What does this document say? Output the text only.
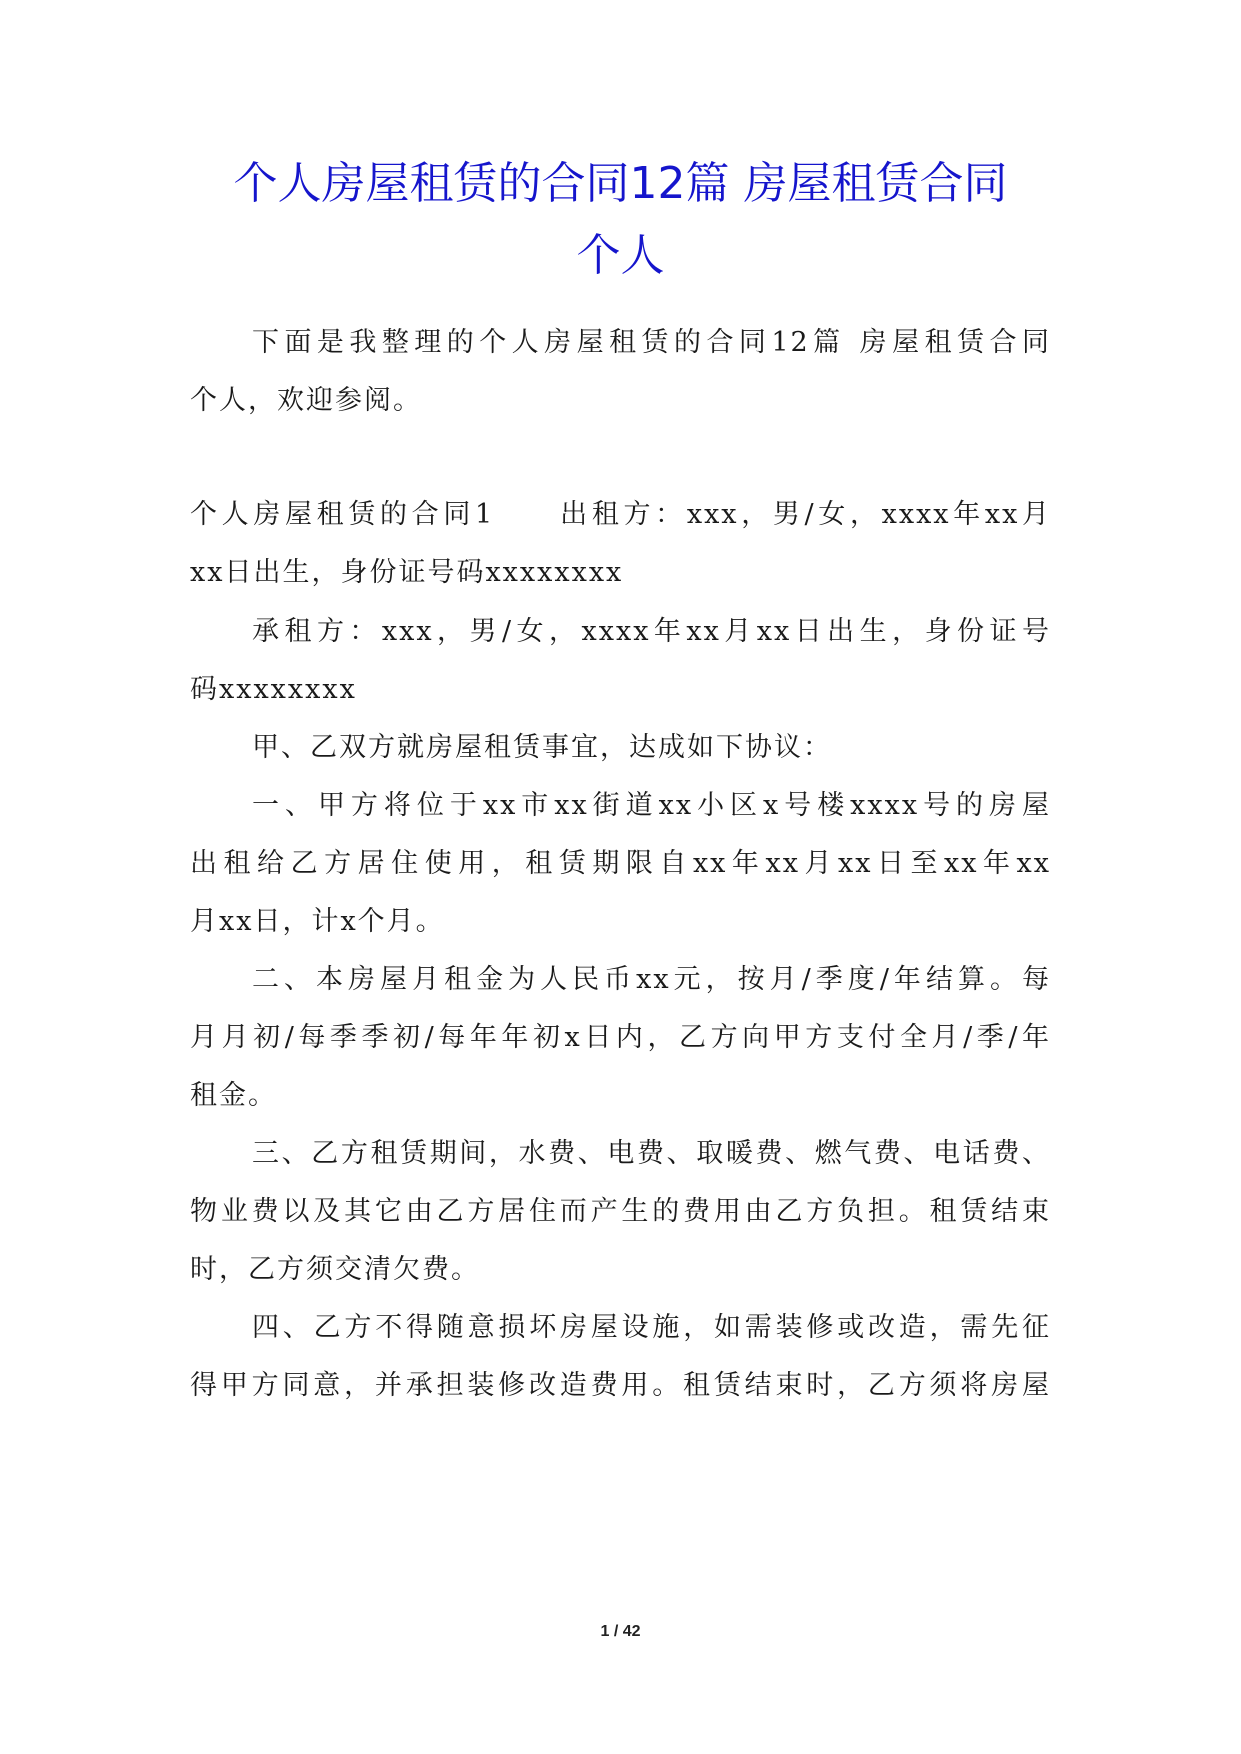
个人房屋租赁的合同12篇 房屋租赁合同
个人

下面是我整理的个人房屋租赁的合同12篇 房屋租赁合同

个人，欢迎参阅。

个人房屋租赁的合同1　　出租方：xxx，男/女，xxxx年xx月

xx日出生，身份证号码xxxxxxxx

承租方：xxx，男/女，xxxx年xx月xx日出生，身份证号

码xxxxxxxx

甲、乙双方就房屋租赁事宜，达成如下协议：

一、甲方将位于xx市xx街道xx小区x号楼xxxx号的房屋

出租给乙方居住使用，租赁期限自xx年xx月xx日至xx年xx

月xx日，计x个月。

二、本房屋月租金为人民币xx元，按月/季度/年结算。每

月月初/每季季初/每年年初x日内，乙方向甲方支付全月/季/年

租金。

三、乙方租赁期间，水费、电费、取暖费、燃气费、电话费、

物业费以及其它由乙方居住而产生的费用由乙方负担。租赁结束

时，乙方须交清欠费。

四、乙方不得随意损坏房屋设施，如需装修或改造，需先征

得甲方同意，并承担装修改造费用。租赁结束时，乙方须将房屋

1 / 42
